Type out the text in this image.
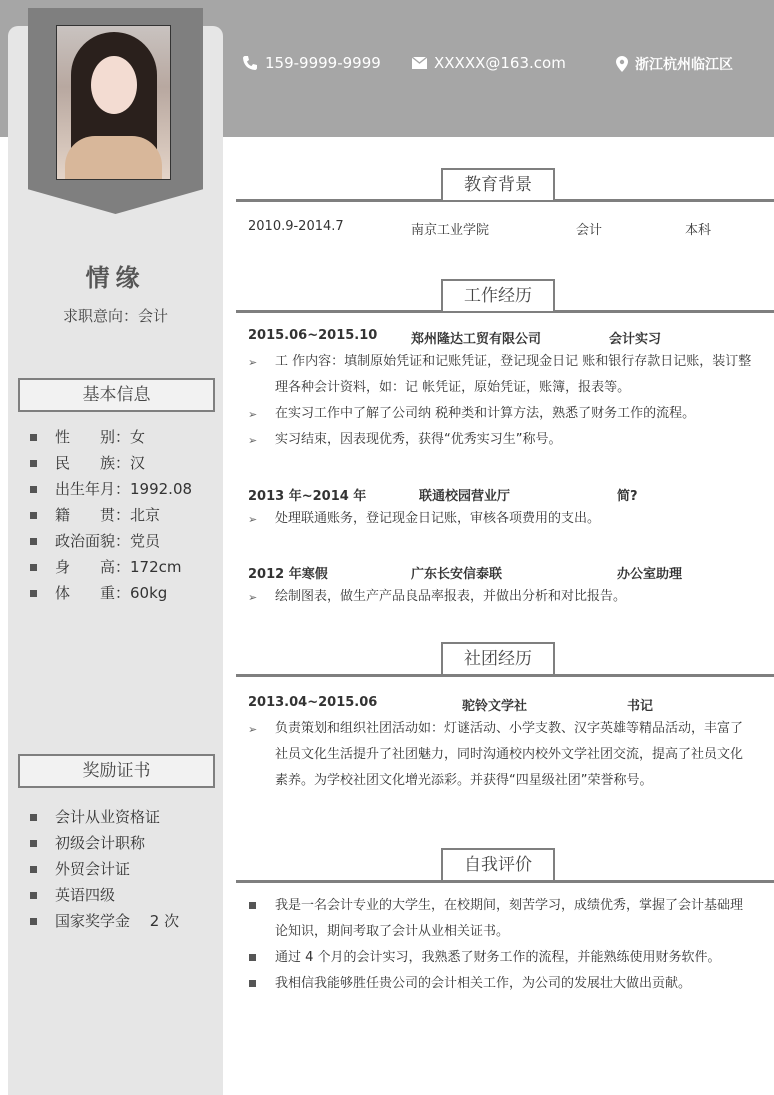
159-9999-9999	XXXXX@163.com	浙江杭州临江区
情缘
求职意向：会计
基本信息
性　　别：女
民　　族：汉
出生年月：1992.08
籍　　贯：北京
政治面貌：党员
身　　高：172cm
体　　重：60kg
奖励证书
会计从业资格证
初级会计职称
外贸会计证
英语四级
国家奖学金　 2 次
教育背景
2010.9-2014.7	南京工业学院	会计	本科
工作经历
2015.06~2015.10	郑州隆达工贸有限公司	会计实习
➢ 工 作内容：填制原始凭证和记账凭证，登记现金日记 账和银行存款日记账，装订整理各种会计资料，如：记 帐凭证，原始凭证，账簿，报表等。

➢ 在实习工作中了解了公司纳 税种类和计算方法，熟悉了财务工作的流程。

➢ 实习结束，因表现优秀，获得“优秀实习生”称号。

2013 年~2014 年	联通校园营业厅	简?
➢ 处理联通账务，登记现金日记账，审核各项费用的支出。

2012 年寒假	广东长安信泰联	办公室助理
➢ 绘制图表，做生产产品良品率报表，并做出分析和对比报告。

社团经历
2013.04~2015.06	驼铃文学社	书记
➢ 负责策划和组织社团活动如：灯谜活动、小学支教、汉字英雄等精品活动，丰富了社员文化生活提升了社团魅力，同时沟通校内校外文学社团交流，提高了社员文化素养。为学校社团文化增光添彩。并获得“四星级社团”荣誉称号。

自我评价

我是一名会计专业的大学生，在校期间，刻苦学习，成绩优秀，掌握了会计基础理论知识，期间考取了会计从业相关证书。

通过 4 个月的会计实习，我熟悉了财务工作的流程，并能熟练使用财务软件。

我相信我能够胜任贵公司的会计相关工作，为公司的发展壮大做出贡献。
